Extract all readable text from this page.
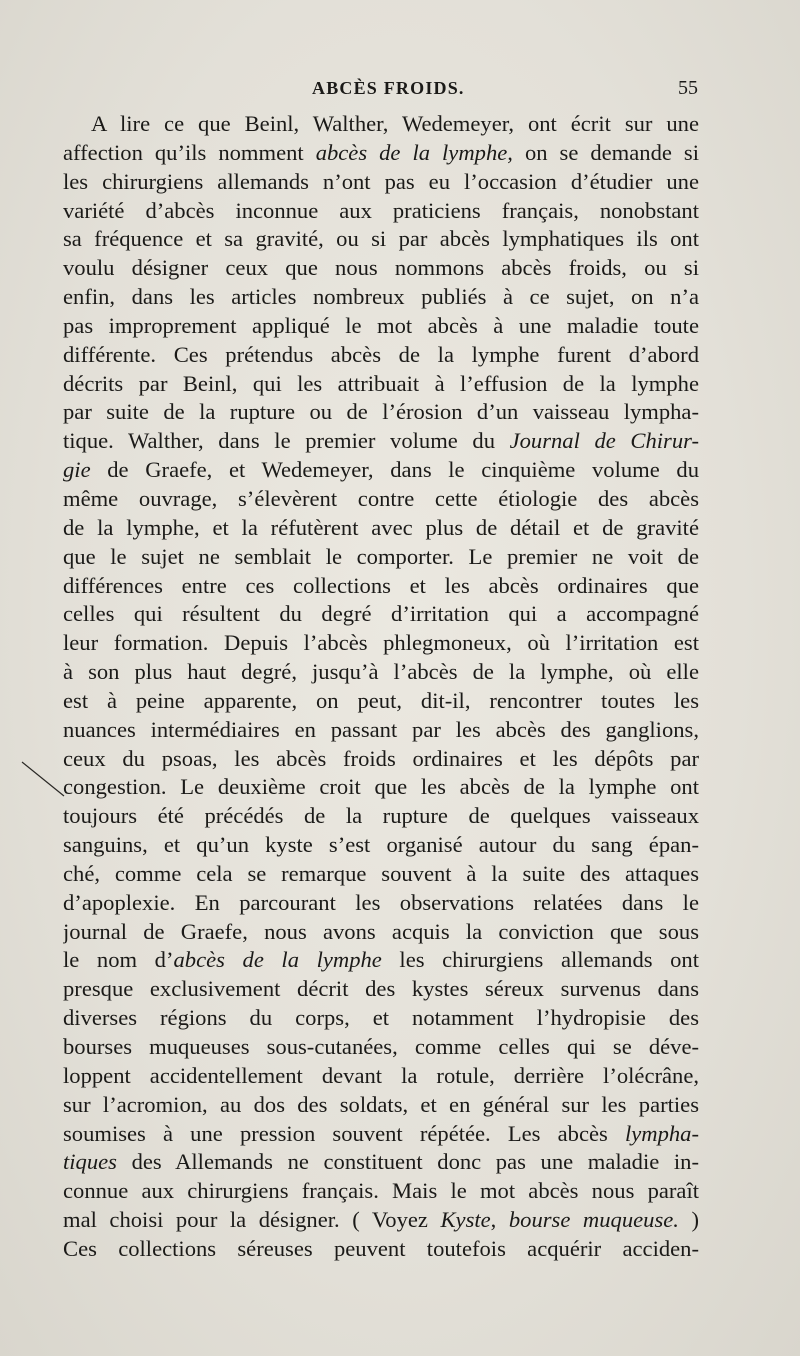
ABCÈS FROIDS.	55
A lire ce que Beinl, Walther, Wedemeyer, ont écrit sur une
affection qu’ils nomment abcès de la lymphe, on se demande si
les chirurgiens allemands n’ont pas eu l’occasion d’étudier une
variété d’abcès inconnue aux praticiens français, nonobstant
sa fréquence et sa gravité, ou si par abcès lymphatiques ils ont
voulu désigner ceux que nous nommons abcès froids, ou si
enfin, dans les articles nombreux publiés à ce sujet, on n’a
pas improprement appliqué le mot abcès à une maladie toute
différente. Ces prétendus abcès de la lymphe furent d’abord
décrits par Beinl, qui les attribuait à l’effusion de la lymphe
par suite de la rupture ou de l’érosion d’un vaisseau lympha-
tique. Walther, dans le premier volume du Journal de Chirur-
gie de Graefe, et Wedemeyer, dans le cinquième volume du
même ouvrage, s’élevèrent contre cette étiologie des abcès
de la lymphe, et la réfutèrent avec plus de détail et de gravité
que le sujet ne semblait le comporter. Le premier ne voit de
différences entre ces collections et les abcès ordinaires que
celles qui résultent du degré d’irritation qui a accompagné
leur formation. Depuis l’abcès phlegmoneux, où l’irritation est
à son plus haut degré, jusqu’à l’abcès de la lymphe, où elle
est à peine apparente, on peut, dit-il, rencontrer toutes les
nuances intermédiaires en passant par les abcès des ganglions,
ceux du psoas, les abcès froids ordinaires et les dépôts par
congestion. Le deuxième croit que les abcès de la lymphe ont
toujours été précédés de la rupture de quelques vaisseaux
sanguins, et qu’un kyste s’est organisé autour du sang épan-
ché, comme cela se remarque souvent à la suite des attaques
d’apoplexie. En parcourant les observations relatées dans le
journal de Graefe, nous avons acquis la conviction que sous
le nom d’abcès de la lymphe les chirurgiens allemands ont
presque exclusivement décrit des kystes séreux survenus dans
diverses régions du corps, et notamment l’hydropisie des
bourses muqueuses sous-cutanées, comme celles qui se déve-
loppent accidentellement devant la rotule, derrière l’olécrâne,
sur l’acromion, au dos des soldats, et en général sur les parties
soumises à une pression souvent répétée. Les abcès lympha-
tiques des Allemands ne constituent donc pas une maladie in-
connue aux chirurgiens français. Mais le mot abcès nous paraît
mal choisi pour la désigner. ( Voyez Kyste, bourse muqueuse. )
Ces collections séreuses peuvent toutefois acquérir acciden-
